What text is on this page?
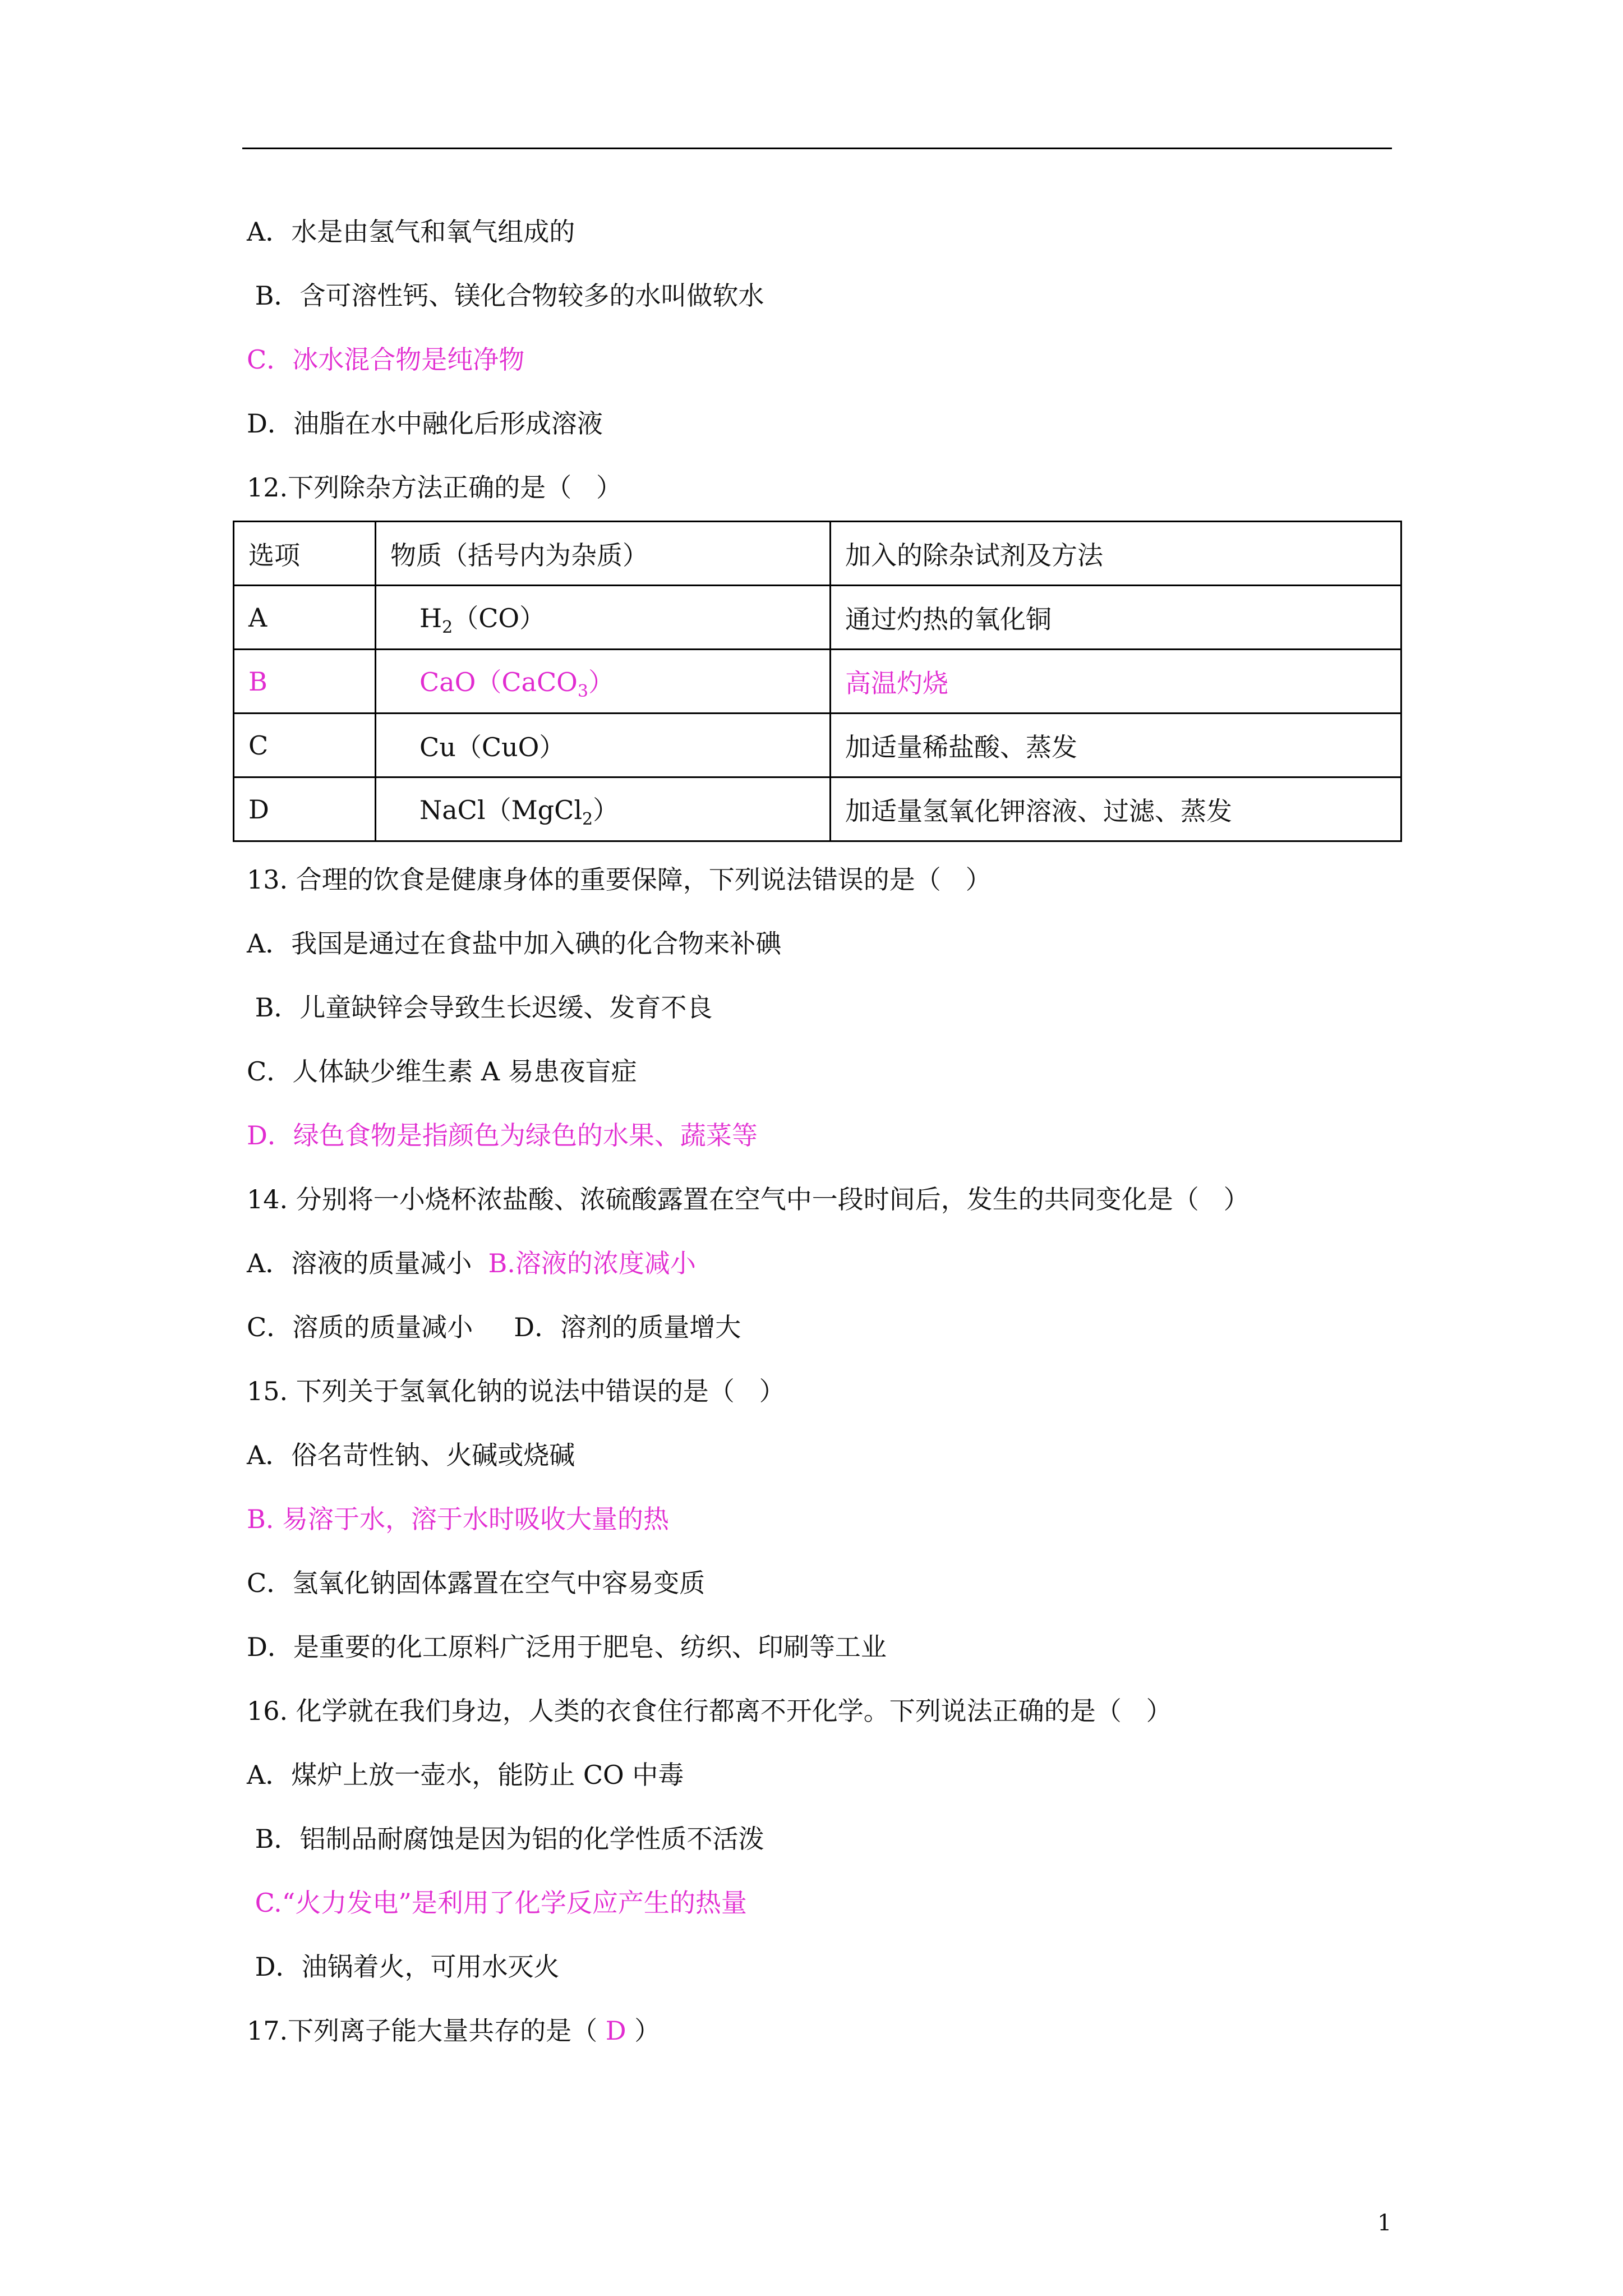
A．水是由氢气和氧气组成的
B．含可溶性钙、镁化合物较多的水叫做软水
C．冰水混合物是纯净物
D．油脂在水中融化后形成溶液
12.下列除杂方法正确的是（   ）
选项	物质（括号内为杂质）	加入的除杂试剂及方法
A	$H_2(CO)$	通过灼热的氧化铜
B	CaO（CaCO$_3$）	高温灼烧
C	Cu（CuO）	加适量稀盐酸、蒸发
D	NaCl（MgCl$_2$）	加适量氢氧化钾溶液、过滤、蒸发
13. 合理的饮食是健康身体的重要保障，下列说法错误的是（   ）
A．我国是通过在食盐中加入碘的化合物来补碘
B．儿童缺锌会导致生长迟缓、发育不良
C．人体缺少维生素 A 易患夜盲症
D．绿色食物是指颜色为绿色的水果、蔬菜等
14. 分别将一小烧杯浓盐酸、浓硫酸露置在空气中一段时间后，发生的共同变化是（   ）
A．溶液的质量减小  B.溶液的浓度减小
C．溶质的质量减小     D．溶剂的质量增大
15. 下列关于氢氧化钠的说法中错误的是（   ）
A．俗名苛性钠、火碱或烧碱
B. 易溶于水，溶于水时吸收大量的热
C．氢氧化钠固体露置在空气中容易变质
D．是重要的化工原料广泛用于肥皂、纺织、印刷等工业
16. 化学就在我们身边，人类的衣食住行都离不开化学。下列说法正确的是（   ）
A．煤炉上放一壶水，能防止 CO 中毒
B．铝制品耐腐蚀是因为铝的化学性质不活泼
C.“火力发电”是利用了化学反应产生的热量
D．油锅着火，可用水灭火
17.下列离子能大量共存的是（ D ）
1
